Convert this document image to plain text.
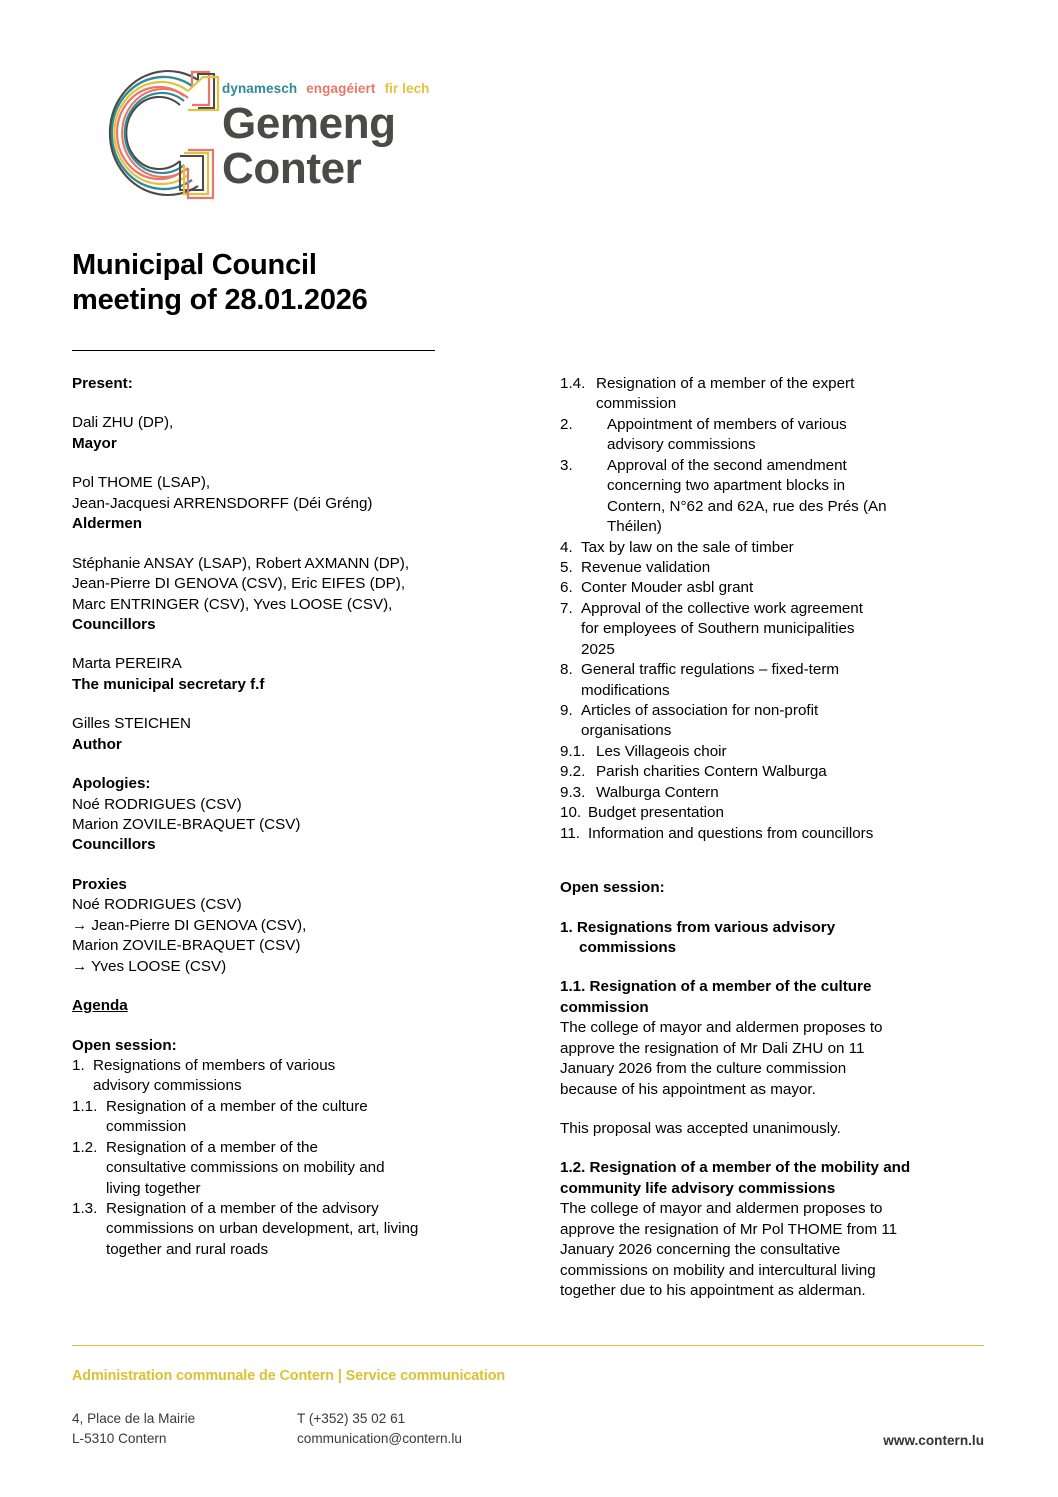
dynamesch engagéiert fir lech
Gemeng
Conter
Municipal Council
meeting of 28.01.2026
Present:
Dali ZHU (DP),
Mayor
Pol THOME (LSAP),
Jean-Jacquesi ARRENSDORFF (Déi Gréng)
Aldermen
Stéphanie ANSAY (LSAP), Robert AXMANN (DP),
Jean-Pierre DI GENOVA (CSV), Eric EIFES (DP),
Marc ENTRINGER (CSV), Yves LOOSE (CSV),
Councillors
Marta PEREIRA
The municipal secretary f.f
Gilles STEICHEN
Author
Apologies:
Noé RODRIGUES (CSV)
Marion ZOVILE-BRAQUET (CSV)
Councillors
Proxies
Noé RODRIGUES (CSV)
→ Jean-Pierre DI GENOVA (CSV),
Marion ZOVILE-BRAQUET (CSV)
→ Yves LOOSE (CSV)
Agenda
Open session:
1. Resignations of members of various
advisory commissions
1.1. Resignation of a member of the culture
commission
1.2. Resignation of a member of the
consultative commissions on mobility and
living together
1.3. Resignation of a member of the advisory
commissions on urban development, art, living
together and rural roads
1.4. Resignation of a member of the expert
commission
2. Appointment of members of various
advisory commissions
3. Approval of the second amendment
concerning two apartment blocks in
Contern, N°62 and 62A, rue des Prés (An
Théilen)
4. Tax by law on the sale of timber
5. Revenue validation
6. Conter Mouder asbl grant
7. Approval of the collective work agreement
for employees of Southern municipalities
2025
8. General traffic regulations – fixed-term
modifications
9. Articles of association for non-profit
organisations
9.1. Les Villageois choir
9.2. Parish charities Contern Walburga
9.3. Walburga Contern
10. Budget presentation
11. Information and questions from councillors
Open session:
1. Resignations from various advisory
commissions
1.1. Resignation of a member of the culture
commission
The college of mayor and aldermen proposes to
approve the resignation of Mr Dali ZHU on 11
January 2026 from the culture commission
because of his appointment as mayor.
This proposal was accepted unanimously.
1.2. Resignation of a member of the mobility and
community life advisory commissions
The college of mayor and aldermen proposes to
approve the resignation of Mr Pol THOME from 11
January 2026 concerning the consultative
commissions on mobility and intercultural living
together due to his appointment as alderman.
Administration communale de Contern | Service communication
4, Place de la Mairie
L-5310 Contern
T (+352) 35 02 61
communication@contern.lu	www.contern.lu
